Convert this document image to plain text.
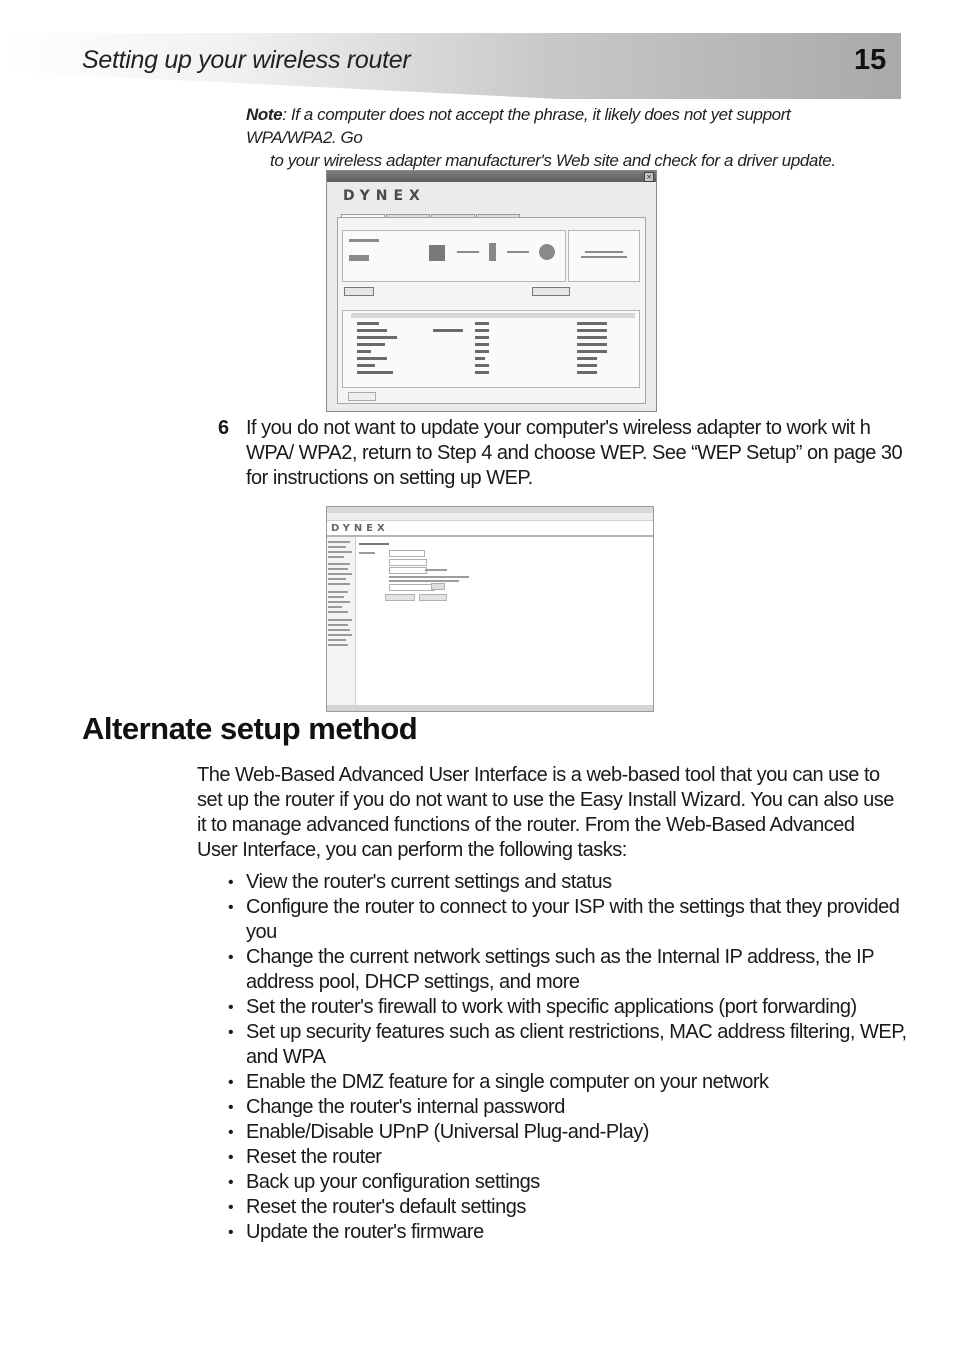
Setting up your wireless router	15
Note: If a computer does not accept the phrase, it likely does not yet support WPA/WPA2. Go
to your wireless adapter manufacturer's Web site and check for a driver update.
×
DYNEX
6 If you do not want to update your computer's wireless adapter to work wit h WPA/ WPA2, return to Step 4 and choose WEP. See “WEP Setup” on page 30 for instructions on setting up WEP.
DYNEX
Alternate setup method
The Web-Based Advanced User Interface is a web-based tool that you can use to set up the router if you do not want to use the Easy Install Wizard. You can also use it to manage advanced functions of the router. From the Web-Based Advanced User Interface, you can perform the following tasks:
• View the router's current settings and status
• Configure the router to connect to your ISP with the settings that they provided you
• Change the current network settings such as the Internal IP address, the IP address pool, DHCP settings, and more
• Set the router's firewall to work with specific applications (port forwarding)
• Set up security features such as client restrictions, MAC address filtering, WEP, and WPA
• Enable the DMZ feature for a single computer on your network
• Change the router's internal password
• Enable/Disable UPnP (Universal Plug-and-Play)
• Reset the router
• Back up your configuration settings
• Reset the router's default settings
• Update the router's firmware
